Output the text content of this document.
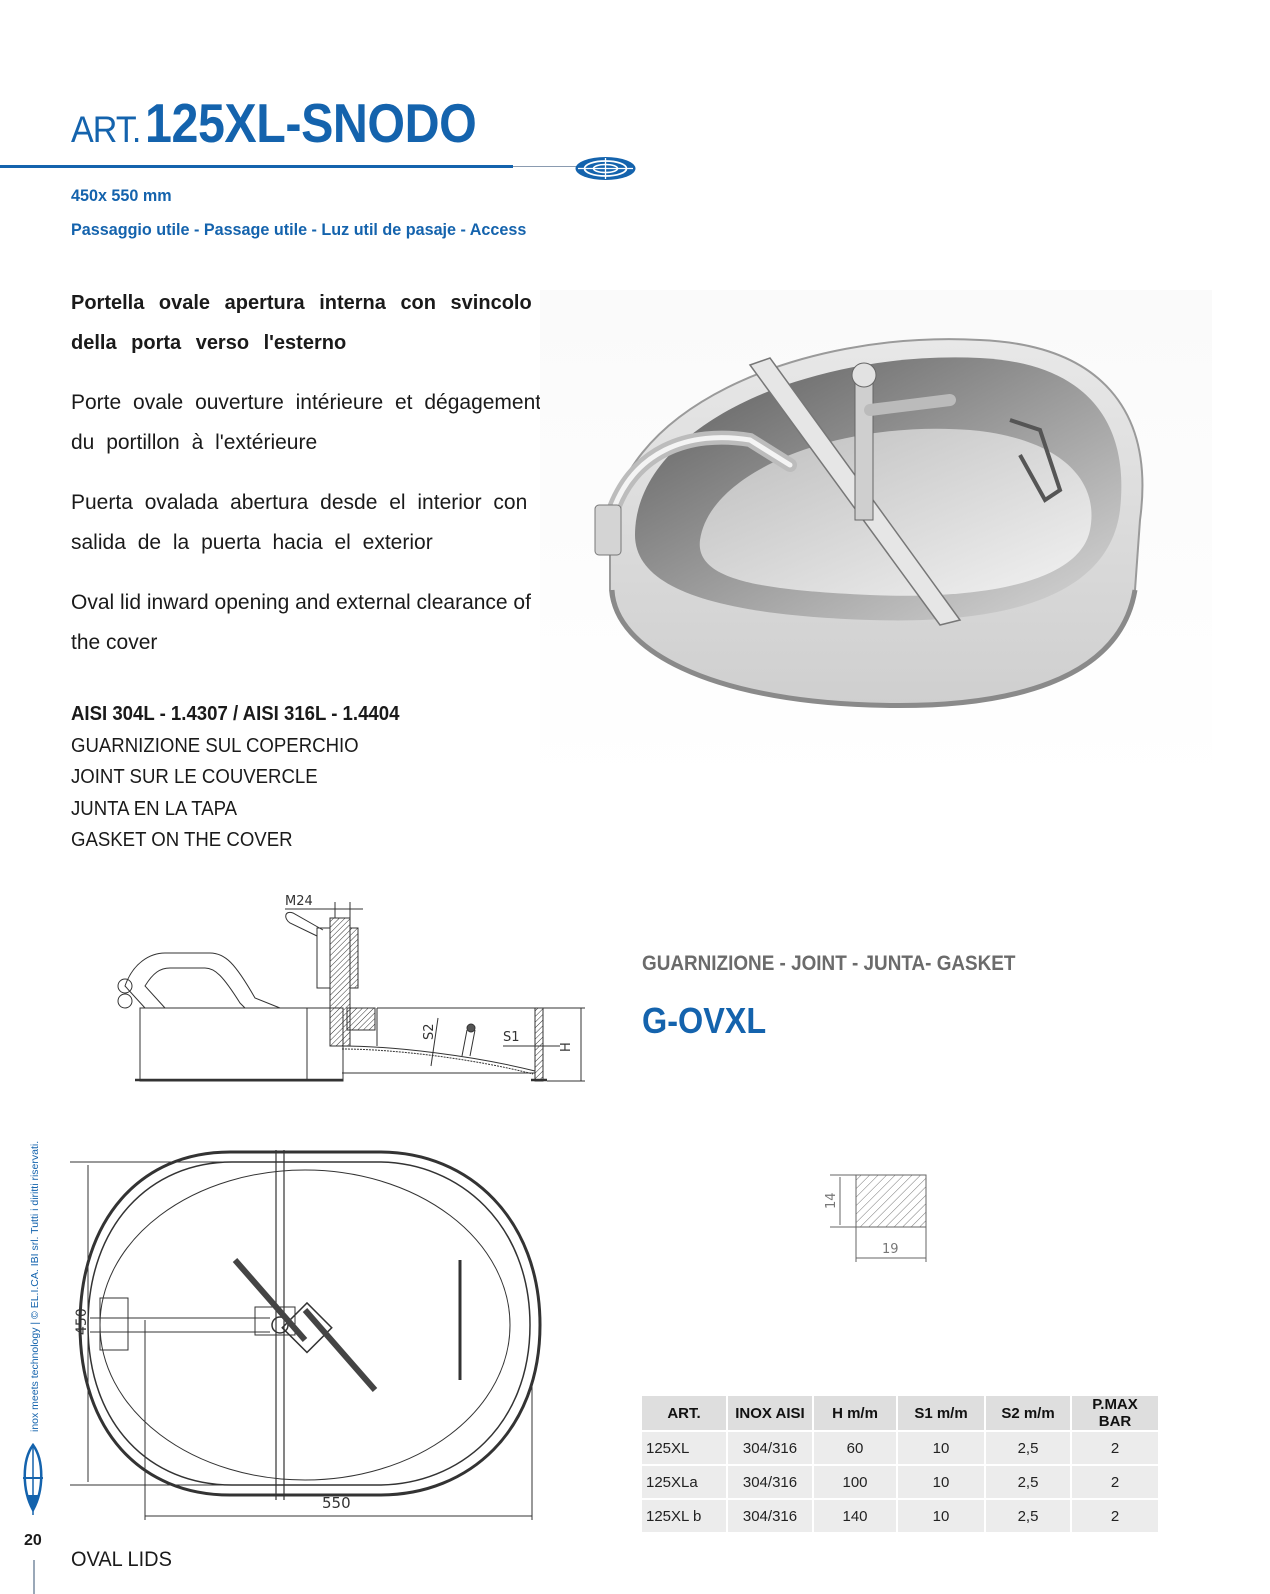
ART. 125XL-SNODO
450x 550 mm
Passaggio utile - Passage utile - Luz util de pasaje - Access
Portella ovale apertura interna con svincolo della porta verso l'esterno
Porte ovale ouverture intérieure et dégagement du portillon à l'extérieure
Puerta ovalada abertura desde el interior con salida de la puerta hacia el exterior
Oval lid inward opening and external clearance of the cover
AISI 304L - 1.4307 / AISI 316L - 1.4404
GUARNIZIONE SUL COPERCHIO
JOINT SUR LE COUVERCLE
JUNTA EN LA TAPA
GASKET ON THE COVER
M24
S2	S1
H
450
550
GUARNIZIONE - JOINT - JUNTA- GASKET
G-OVXL
14
19
ART.	INOX AISI	H m/m	S1 m/m	S2 m/m	P.MAX BAR
125XL	304/316	60	10	2,5	2
125XLa	304/316	100	10	2,5	2
125XL b	304/316	140	10	2,5	2
inox meets technology | © EL.I.CA. IBI srl. Tutti i diritti riservati.
20
OVAL LIDS
